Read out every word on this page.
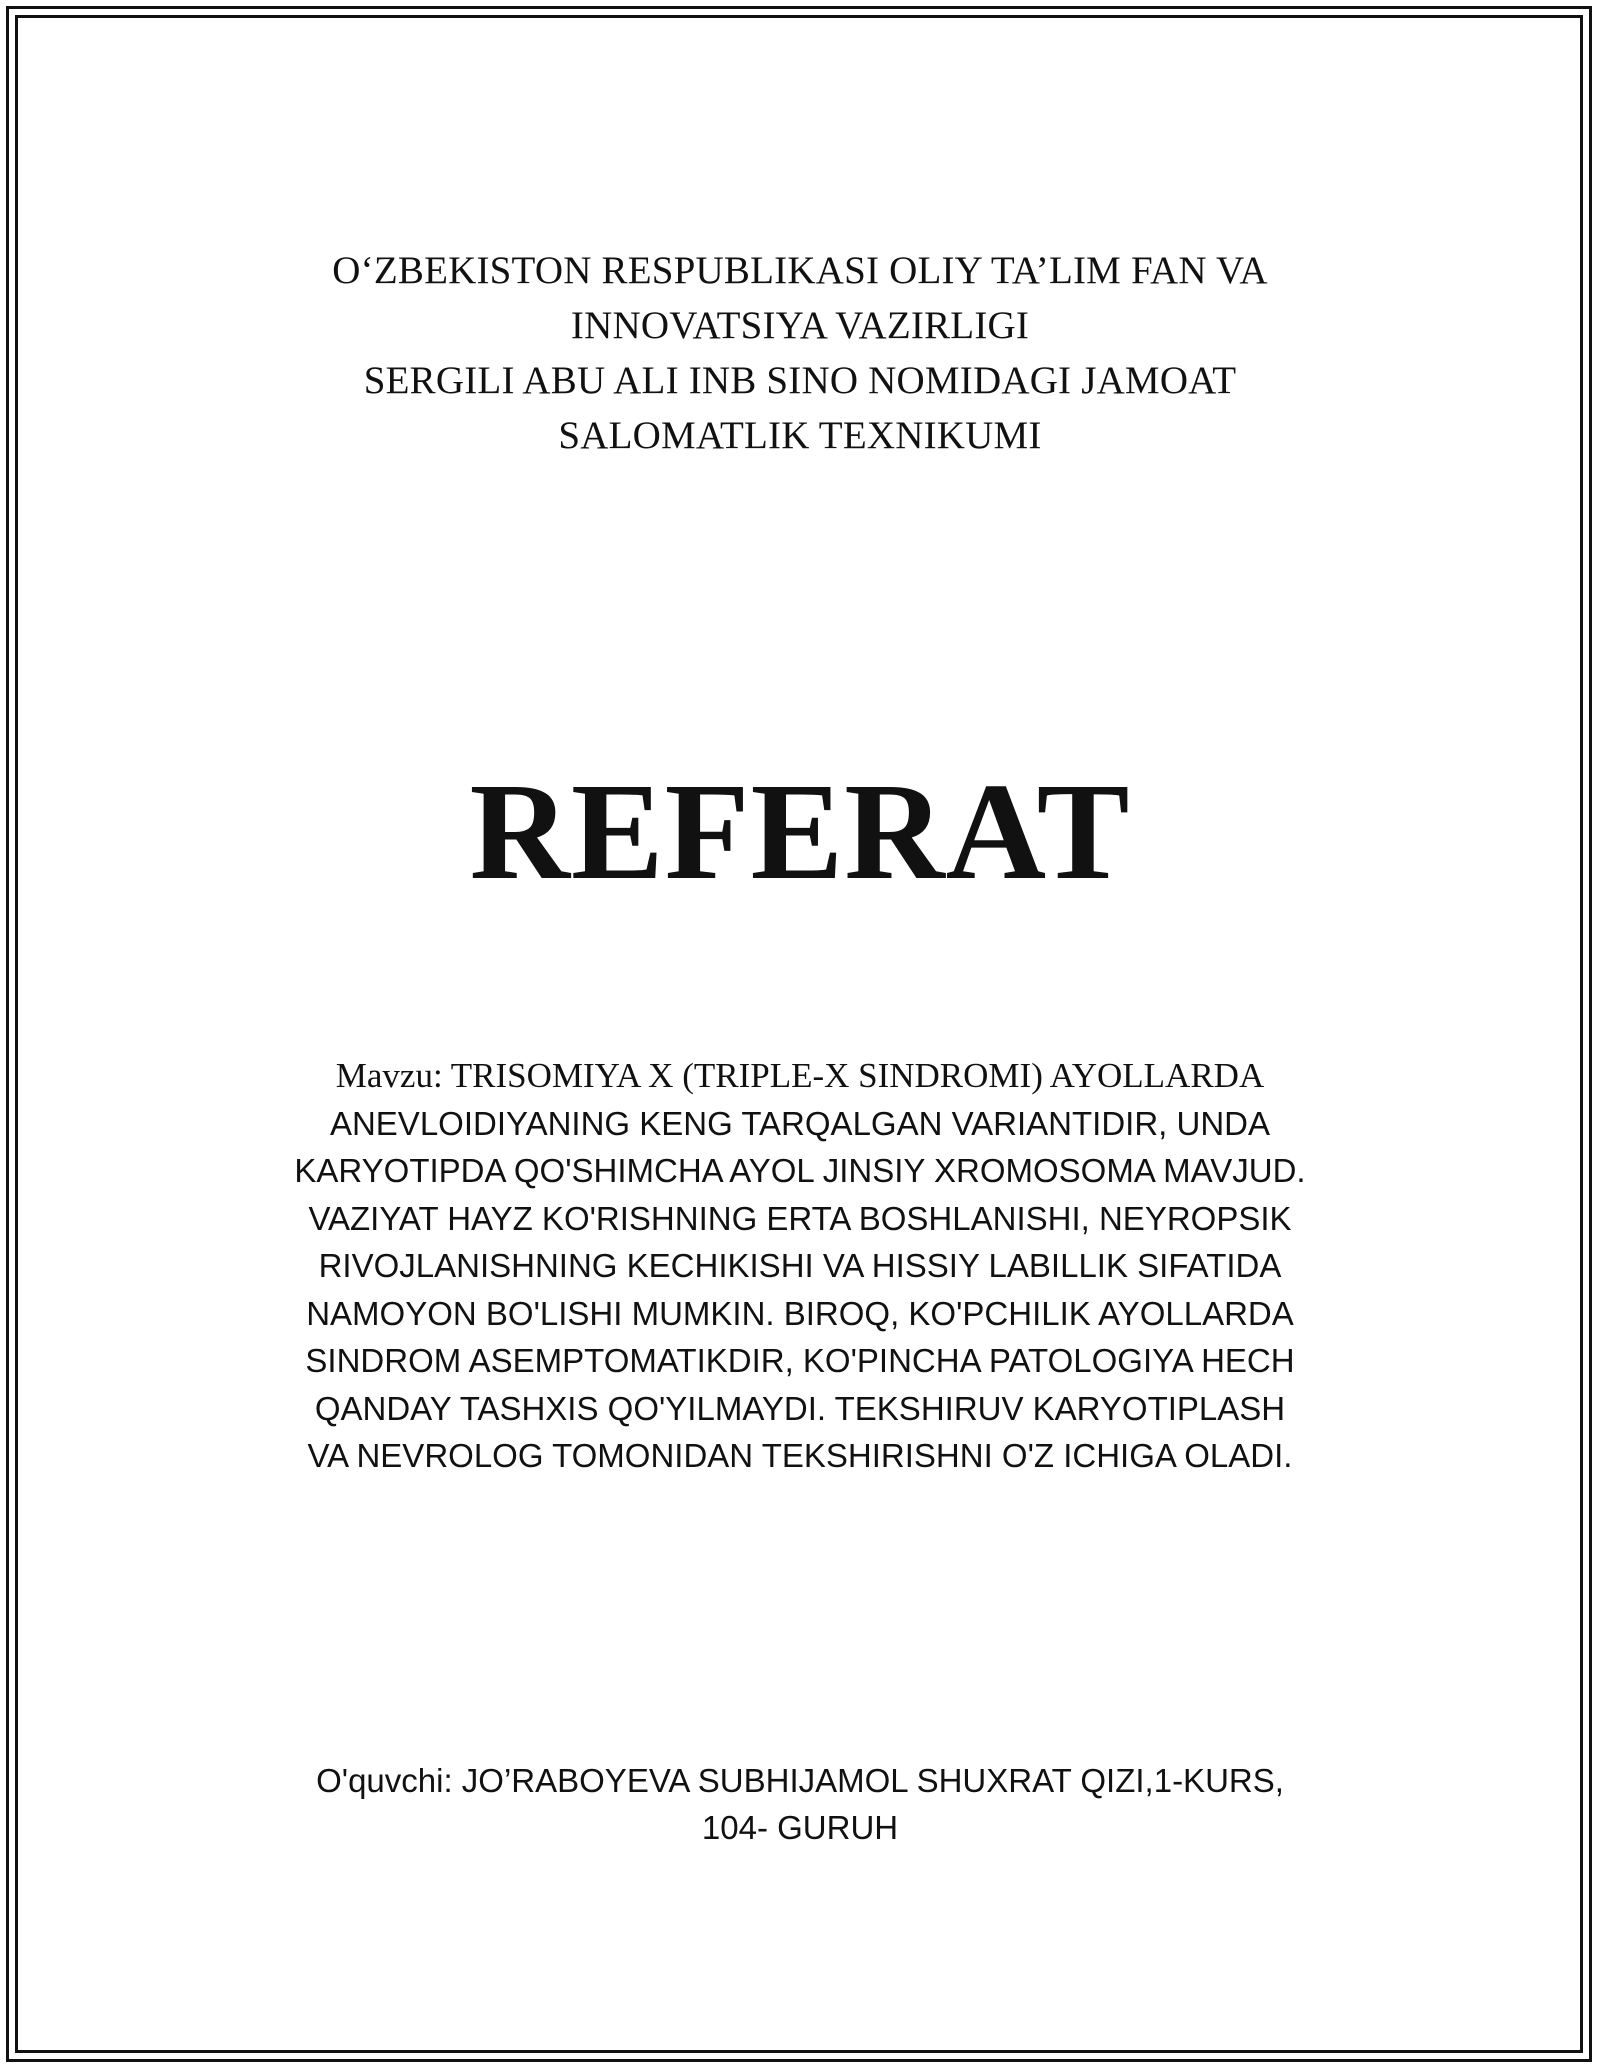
O‘ZBEKISTON RESPUBLIKASI OLIY TA’LIM FAN VA
INNOVATSIYA VAZIRLIGI
SERGILI ABU ALI INB SINO NOMIDAGI JAMOAT
SALOMATLIK TEXNIKUMI
REFERAT
Mavzu: TRISOMIYA X (TRIPLE-X SINDROMI) AYOLLARDA
ANEVLOIDIYANING KENG TARQALGAN VARIANTIDIR, UNDA
KARYOTIPDA QO'SHIMCHA AYOL JINSIY XROMOSOMA MAVJUD.
VAZIYAT HAYZ KO'RISHNING ERTA BOSHLANISHI, NEYROPSIK
RIVOJLANISHNING KECHIKISHI VA HISSIY LABILLIK SIFATIDA
NAMOYON BO'LISHI MUMKIN. BIROQ, KO'PCHILIK AYOLLARDA
SINDROM ASEMPTOMATIKDIR, KO'PINCHA PATOLOGIYA HECH
QANDAY TASHXIS QO'YILMAYDI. TEKSHIRUV KARYOTIPLASH
VA NEVROLOG TOMONIDAN TEKSHIRISHNI O'Z ICHIGA OLADI.
O'quvchi: JO’RABOYEVA SUBHIJAMOL SHUXRAT QIZI,1-KURS,
104- GURUH
